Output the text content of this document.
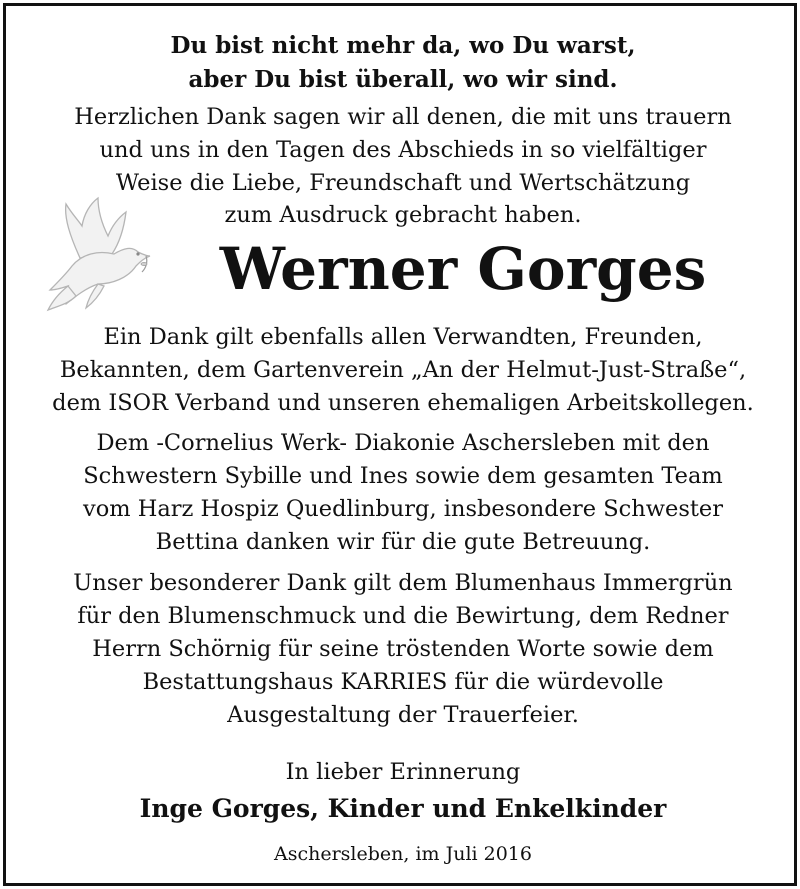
Du bist nicht mehr da, wo Du warst,
aber Du bist überall, wo wir sind.
Herzlichen Dank sagen wir all denen, die mit uns trauern
und uns in den Tagen des Abschieds in so vielfältiger
Weise die Liebe, Freundschaft und Wertschätzung
zum Ausdruck gebracht haben.
Werner Gorges
Ein Dank gilt ebenfalls allen Verwandten, Freunden,
Bekannten, dem Gartenverein „An der Helmut-Just-Straße“,
dem ISOR Verband und unseren ehemaligen Arbeitskollegen.
Dem -Cornelius Werk- Diakonie Aschersleben mit den
Schwestern Sybille und Ines sowie dem gesamten Team
vom Harz Hospiz Quedlinburg, insbesondere Schwester
Bettina danken wir für die gute Betreuung.
Unser besonderer Dank gilt dem Blumenhaus Immergrün
für den Blumenschmuck und die Bewirtung, dem Redner
Herrn Schörnig für seine tröstenden Worte sowie dem
Bestattungshaus KARRIES für die würdevolle
Ausgestaltung der Trauerfeier.
In lieber Erinnerung
Inge Gorges, Kinder und Enkelkinder
Aschersleben, im Juli 2016
